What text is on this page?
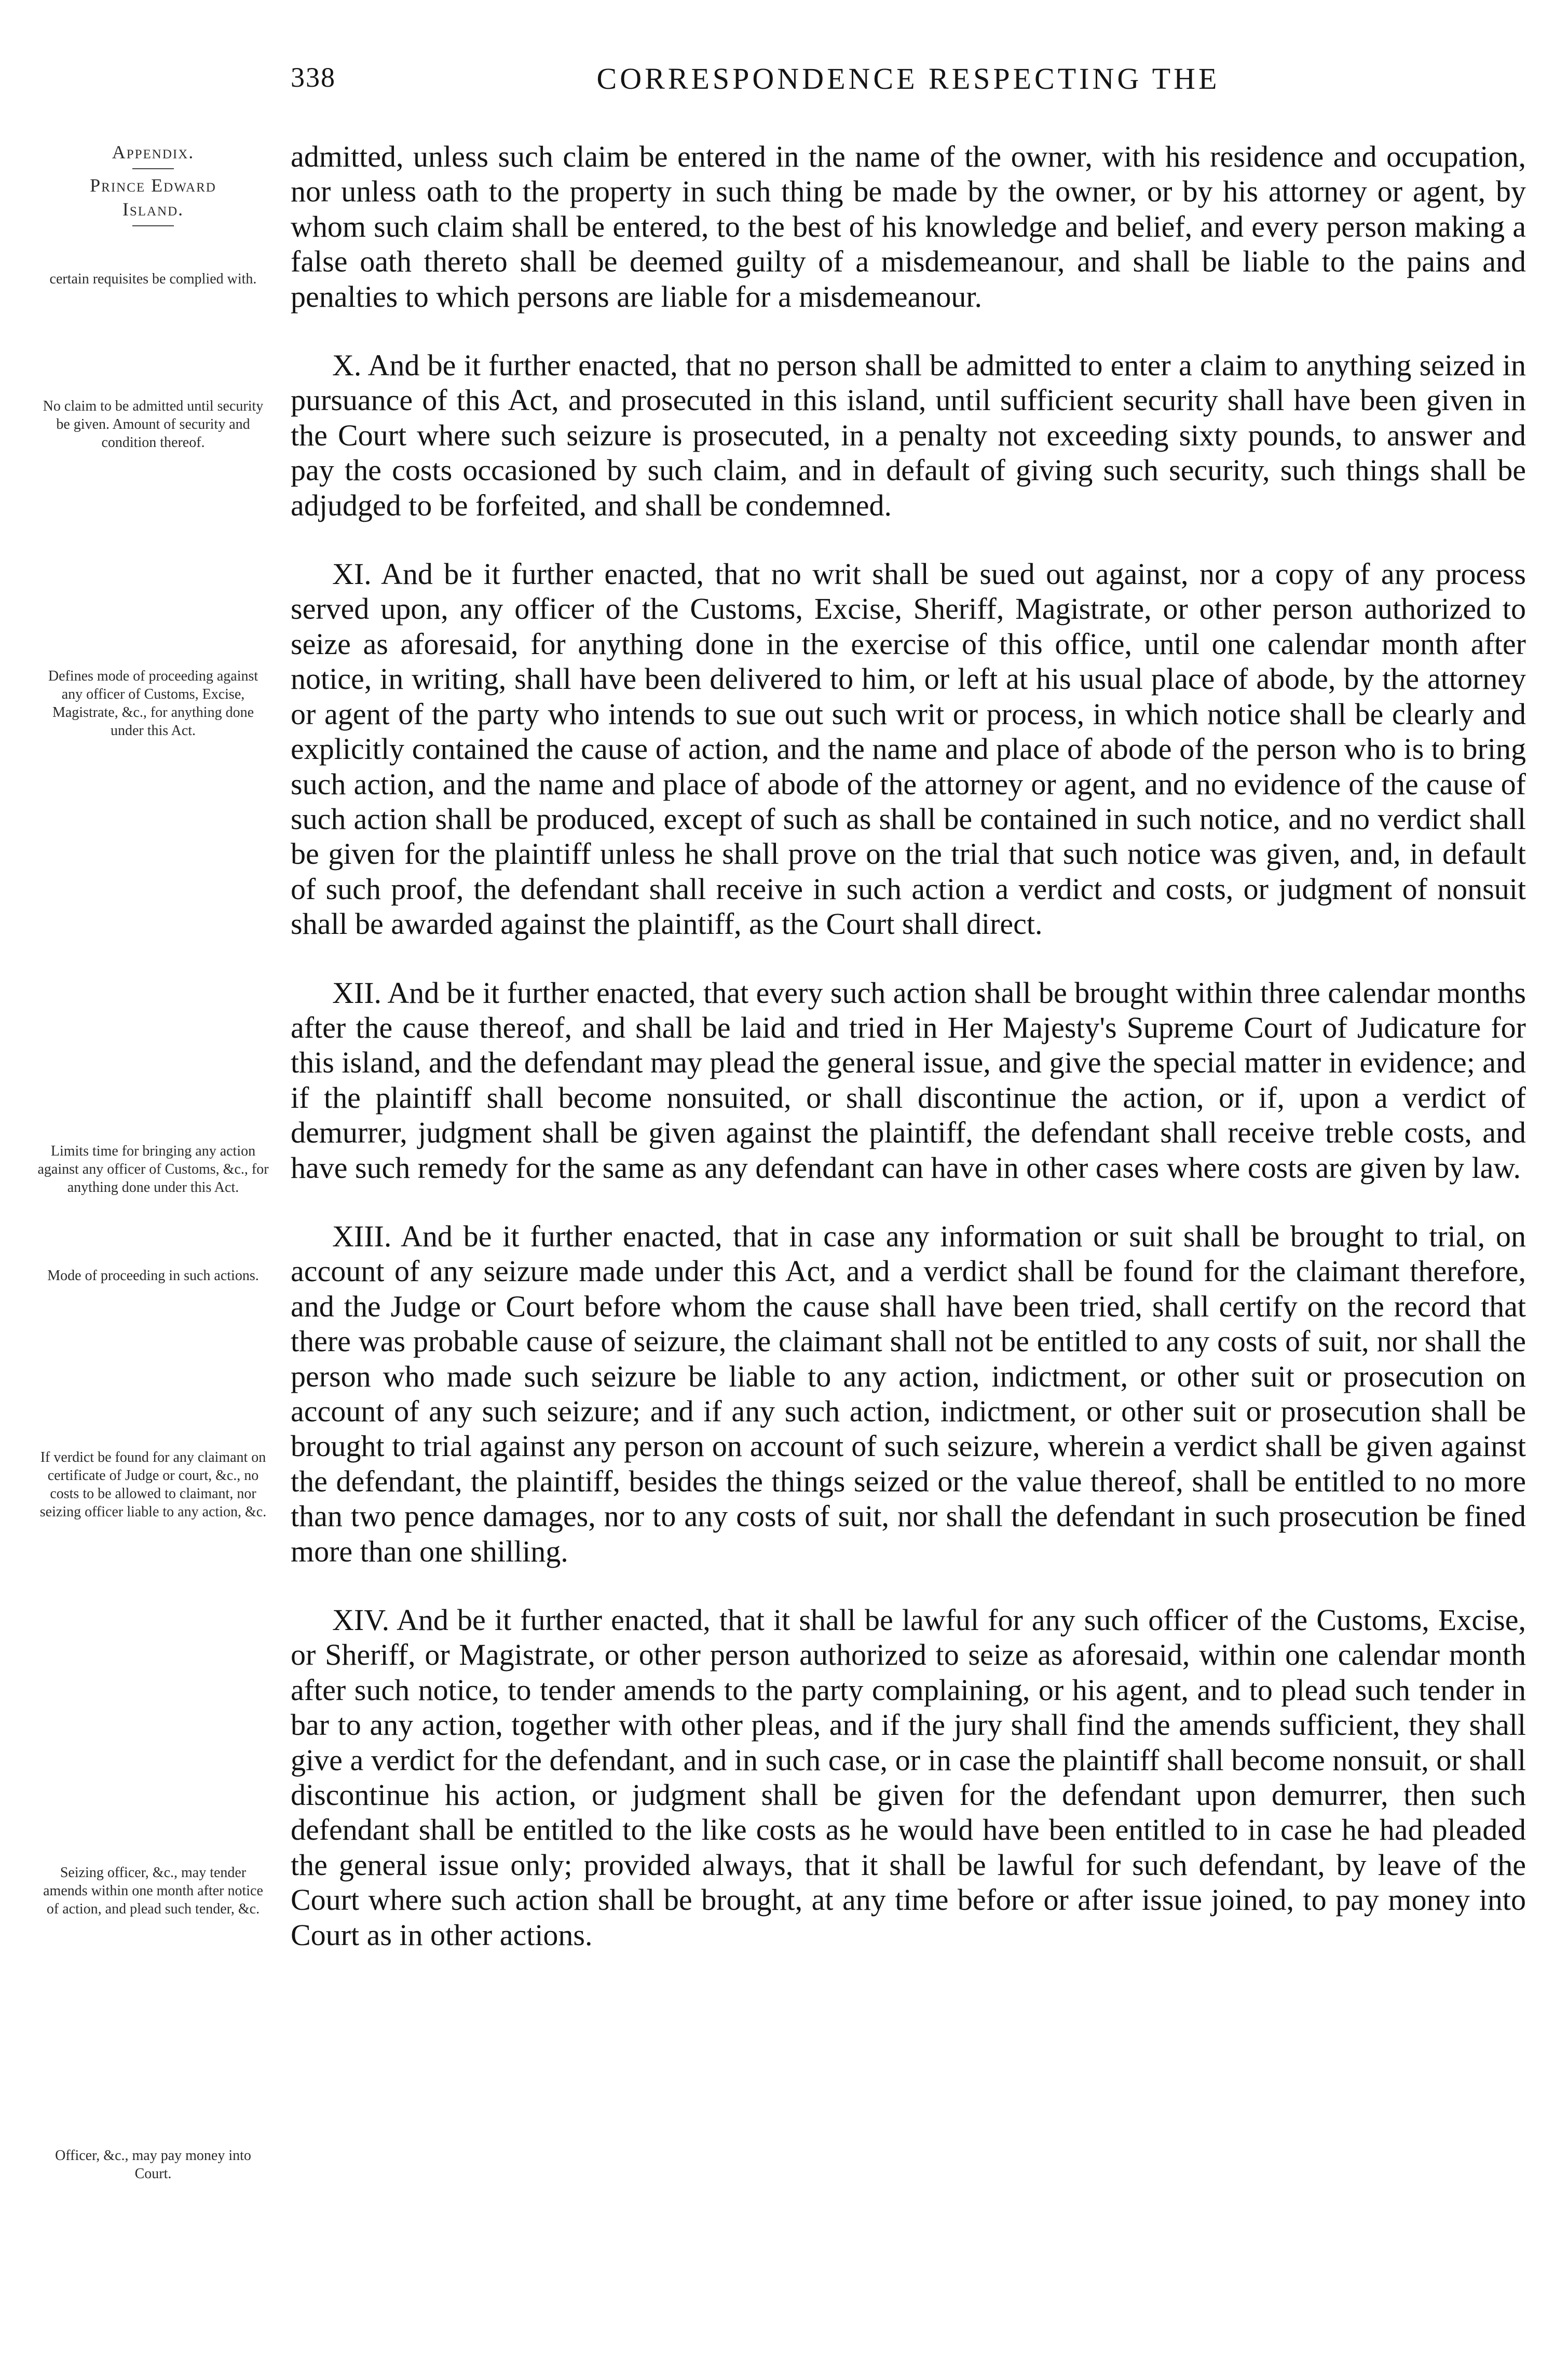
338	CORRESPONDENCE RESPECTING THE
Appendix.
Prince Edward
Island.
certain requisites be complied with.
No claim to be admitted until security be given. Amount of security and condition thereof.
Defines mode of proceeding against any officer of Customs, Excise, Magistrate, &c., for anything done under this Act.
Limits time for bringing any action against any officer of Customs, &c., for anything done under this Act.
Mode of proceeding in such actions.
If verdict be found for any claimant on certificate of Judge or court, &c., no costs to be allowed to claimant, nor seizing officer liable to any action, &c.
Seizing officer, &c., may tender amends within one month after notice of action, and plead such tender, &c.
Officer, &c., may pay money into Court.

admitted, unless such claim be entered in the name of the owner, with his residence and occupation, nor unless oath to the property in such thing be made by the owner, or by his attorney or agent, by whom such claim shall be entered, to the best of his knowledge and belief, and every person making a false oath thereto shall be deemed guilty of a misdemeanour, and shall be liable to the pains and penalties to which persons are liable for a misdemeanour.

X. And be it further enacted, that no person shall be admitted to enter a claim to anything seized in pursuance of this Act, and prosecuted in this island, until sufficient security shall have been given in the Court where such seizure is prosecuted, in a penalty not exceeding sixty pounds, to answer and pay the costs occasioned by such claim, and in default of giving such security, such things shall be adjudged to be forfeited, and shall be condemned.

XI. And be it further enacted, that no writ shall be sued out against, nor a copy of any process served upon, any officer of the Customs, Excise, Sheriff, Magistrate, or other person authorized to seize as aforesaid, for anything done in the exercise of this office, until one calendar month after notice, in writing, shall have been delivered to him, or left at his usual place of abode, by the attorney or agent of the party who intends to sue out such writ or process, in which notice shall be clearly and explicitly contained the cause of action, and the name and place of abode of the person who is to bring such action, and the name and place of abode of the attorney or agent, and no evidence of the cause of such action shall be produced, except of such as shall be contained in such notice, and no verdict shall be given for the plaintiff unless he shall prove on the trial that such notice was given, and, in default of such proof, the defendant shall receive in such action a verdict and costs, or judgment of nonsuit shall be awarded against the plaintiff, as the Court shall direct.

XII. And be it further enacted, that every such action shall be brought within three calendar months after the cause thereof, and shall be laid and tried in Her Majesty's Supreme Court of Judicature for this island, and the defendant may plead the general issue, and give the special matter in evidence; and if the plaintiff shall become nonsuited, or shall discontinue the action, or if, upon a verdict of demurrer, judgment shall be given against the plaintiff, the defendant shall receive treble costs, and have such remedy for the same as any defendant can have in other cases where costs are given by law.

XIII. And be it further enacted, that in case any information or suit shall be brought to trial, on account of any seizure made under this Act, and a verdict shall be found for the claimant therefore, and the Judge or Court before whom the cause shall have been tried, shall certify on the record that there was probable cause of seizure, the claimant shall not be entitled to any costs of suit, nor shall the person who made such seizure be liable to any action, indictment, or other suit or prosecution on account of any such seizure; and if any such action, indictment, or other suit or prosecution shall be brought to trial against any person on account of such seizure, wherein a verdict shall be given against the defendant, the plaintiff, besides the things seized or the value thereof, shall be entitled to no more than two pence damages, nor to any costs of suit, nor shall the defendant in such prosecution be fined more than one shilling.

XIV. And be it further enacted, that it shall be lawful for any such officer of the Customs, Excise, or Sheriff, or Magistrate, or other person authorized to seize as aforesaid, within one calendar month after such notice, to tender amends to the party complaining, or his agent, and to plead such tender in bar to any action, together with other pleas, and if the jury shall find the amends sufficient, they shall give a verdict for the defendant, and in such case, or in case the plaintiff shall become nonsuit, or shall discontinue his action, or judgment shall be given for the defendant upon demurrer, then such defendant shall be entitled to the like costs as he would have been entitled to in case he had pleaded the general issue only; provided always, that it shall be lawful for such defendant, by leave of the Court where such action shall be brought, at any time before or after issue joined, to pay money into Court as in other actions.
